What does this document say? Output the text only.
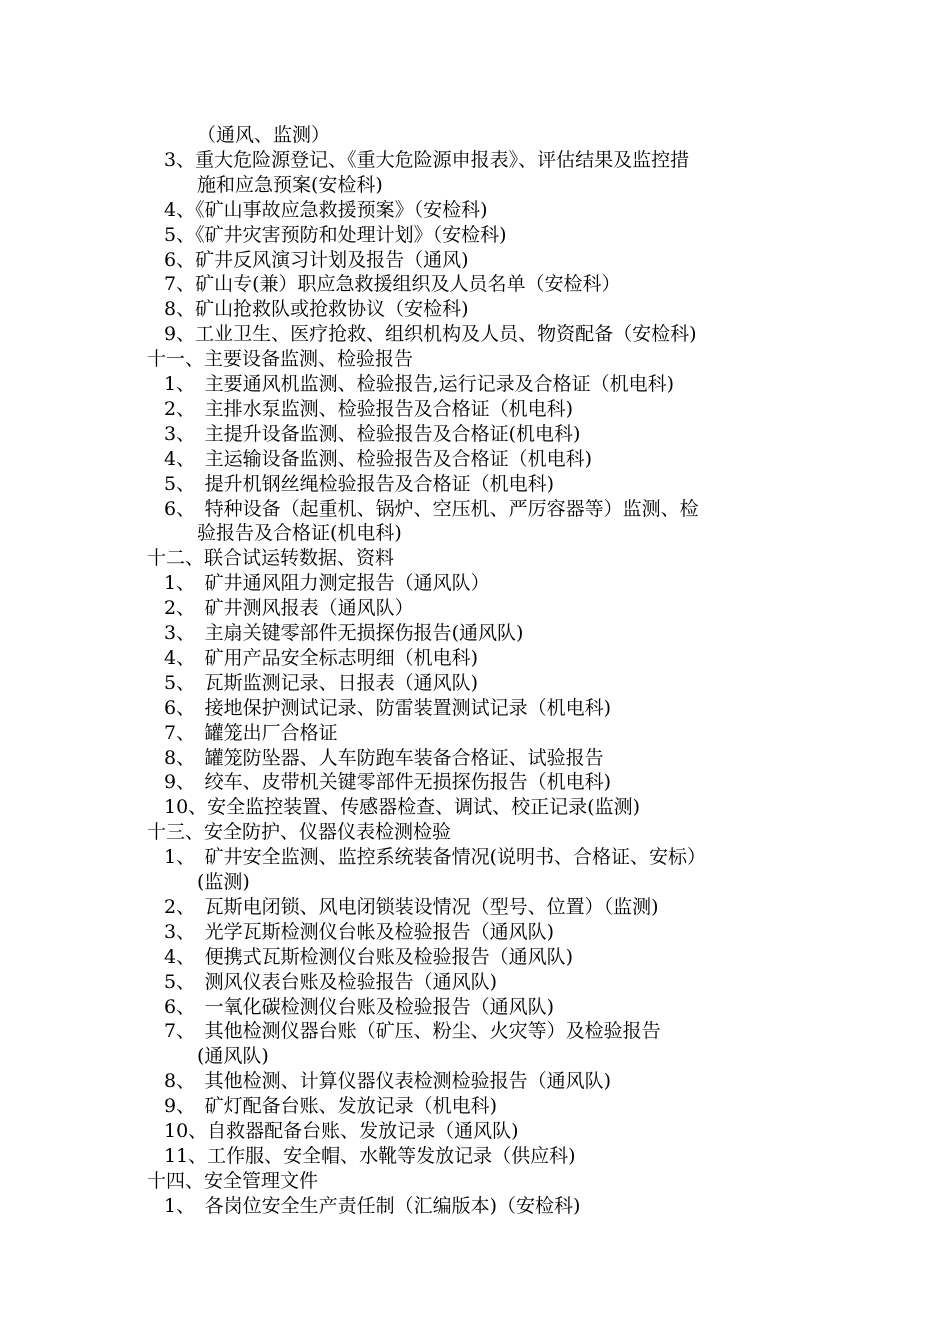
（通风、监测）
3、重大危险源登记、《重大危险源申报表》、评估结果及监控措
施和应急预案(安检科)
4、《矿山事故应急救援预案》（安检科)
5、《矿井灾害预防和处理计划》（安检科)
6、矿井反风演习计划及报告（通风)
7、矿山专(兼）职应急救援组织及人员名单（安检科）
8、矿山抢救队或抢救协议（安检科)
9、工业卫生、医疗抢救、组织机构及人员、物资配备（安检科)
十一、主要设备监测、检验报告
1、　主要通风机监测、检验报告,运行记录及合格证（机电科)
2、　主排水泵监测、检验报告及合格证（机电科)
3、　主提升设备监测、检验报告及合格证(机电科)
4、　主运输设备监测、检验报告及合格证（机电科)
5、　提升机钢丝绳检验报告及合格证（机电科)
6、　特种设备（起重机、锅炉、空压机、严厉容器等）监测、检
验报告及合格证(机电科)
十二、联合试运转数据、资料
1、　矿井通风阻力测定报告（通风队）
2、　矿井测风报表（通风队）
3、　主扇关键零部件无损探伤报告(通风队)
4、　矿用产品安全标志明细（机电科)
5、　瓦斯监测记录、日报表（通风队)
6、　接地保护测试记录、防雷装置测试记录（机电科)
7、　罐笼出厂合格证
8、　罐笼防坠器、人车防跑车装备合格证、试验报告
9、　绞车、皮带机关键零部件无损探伤报告（机电科)
10、安全监控装置、传感器检查、调试、校正记录(监测)
十三、安全防护、仪器仪表检测检验
1、　矿井安全监测、监控系统装备情况(说明书、合格证、安标）
(监测)
2、　瓦斯电闭锁、风电闭锁装设情况（型号、位置）（监测)
3、　光学瓦斯检测仪台帐及检验报告（通风队)
4、　便携式瓦斯检测仪台账及检验报告（通风队)
5、　测风仪表台账及检验报告（通风队)
6、　一氧化碳检测仪台账及检验报告（通风队)
7、　其他检测仪器台账（矿压、粉尘、火灾等）及检验报告
(通风队)
8、　其他检测、计算仪器仪表检测检验报告（通风队)
9、　矿灯配备台账、发放记录（机电科)
10、自救器配备台账、发放记录（通风队)
11、工作服、安全帽、水靴等发放记录（供应科)
十四、安全管理文件
1、　各岗位安全生产责任制（汇编版本)（安检科)
